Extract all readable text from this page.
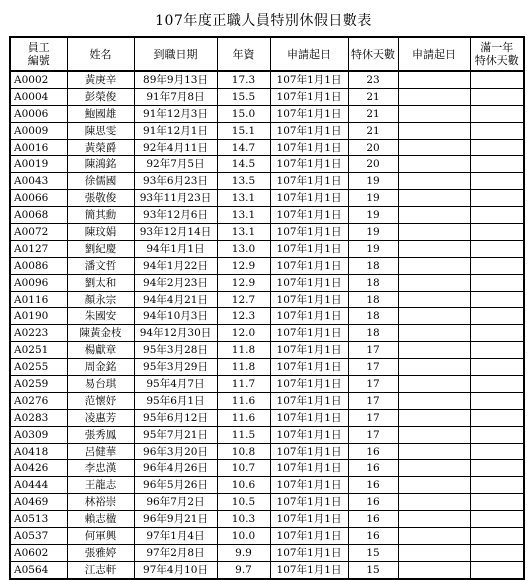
107年度正職人員特別休假日數表
員工
編號	姓名	到職日期	年資	申請起日	特休天數	申請起日	滿一年
特休天數
A0002	黃庚辛	89年9月13日	17.3	107年1月1日	23		
A0004	彭榮俊	91年7月8日	15.5	107年1月1日	21		
A0006	鮑國雄	91年12月3日	15.0	107年1月1日	21		
A0009	陳思雯	91年12月1日	15.1	107年1月1日	21		
A0016	黃榮爵	92年4月11日	14.7	107年1月1日	20		
A0019	陳鴻銘	92年7月5日	14.5	107年1月1日	20		
A0043	徐儒國	93年6月23日	13.5	107年1月1日	19		
A0066	張敬俊	93年11月23日	13.1	107年1月1日	19		
A0068	簡其勳	93年12月6日	13.1	107年1月1日	19		
A0072	陳玟娟	93年12月14日	13.1	107年1月1日	19		
A0127	劉紀慶	94年1月1日	13.0	107年1月1日	19		
A0086	潘文哲	94年1月22日	12.9	107年1月1日	18		
A0096	劉太和	94年2月23日	12.9	107年1月1日	18		
A0116	顏永宗	94年4月21日	12.7	107年1月1日	18		
A0190	朱國安	94年10月3日	12.3	107年1月1日	18		
A0223	陳黃金枝	94年12月30日	12.0	107年1月1日	18		
A0251	楊獻章	95年3月28日	11.8	107年1月1日	17		
A0255	周金銘	95年3月29日	11.8	107年1月1日	17		
A0259	易台琪	95年4月7日	11.7	107年1月1日	17		
A0276	范懷妤	95年6月1日	11.6	107年1月1日	17		
A0283	凌惠芳	95年6月12日	11.6	107年1月1日	17		
A0309	張秀鳳	95年7月21日	11.5	107年1月1日	17		
A0418	呂健華	96年3月20日	10.8	107年1月1日	16		
A0426	李忠漢	96年4月26日	10.7	107年1月1日	16		
A0444	王龍志	96年5月26日	10.6	107年1月1日	16		
A0469	林裕崇	96年7月2日	10.5	107年1月1日	16		
A0513	賴志楹	96年9月21日	10.3	107年1月1日	16		
A0537	何軍興	97年1月4日	10.0	107年1月1日	16		
A0602	張雅婷	97年2月8日	9.9	107年1月1日	15		
A0564	江志軒	97年4月10日	9.7	107年1月1日	15		
